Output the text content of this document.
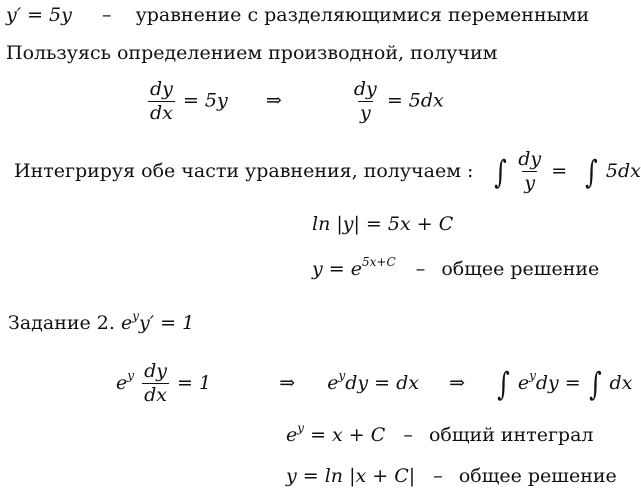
y′ = 5y – уравнение с разделяющимися переменными
Пользуясь определением производной, получим
$\frac{dy}{dx} = 5y$ ⇒	$\frac{dy}{y} = 5dx$
Интегрируя обе части уравнения, получаем : ∫ $\frac{dy}{y}$ = ∫ 5dx
ln |y| = 5x + C
$y = e^{5x+C}$ – общее решение
Задание 2. $e^yy' = 1$
$e^y \frac{dy}{dx} = 1$	⇒ $e^ydy$ = dx ⇒ ∫ $e^ydy$ = ∫ dx
$e^y = x + C$ – общий интеграл
y = ln |x + C| – общее решение
